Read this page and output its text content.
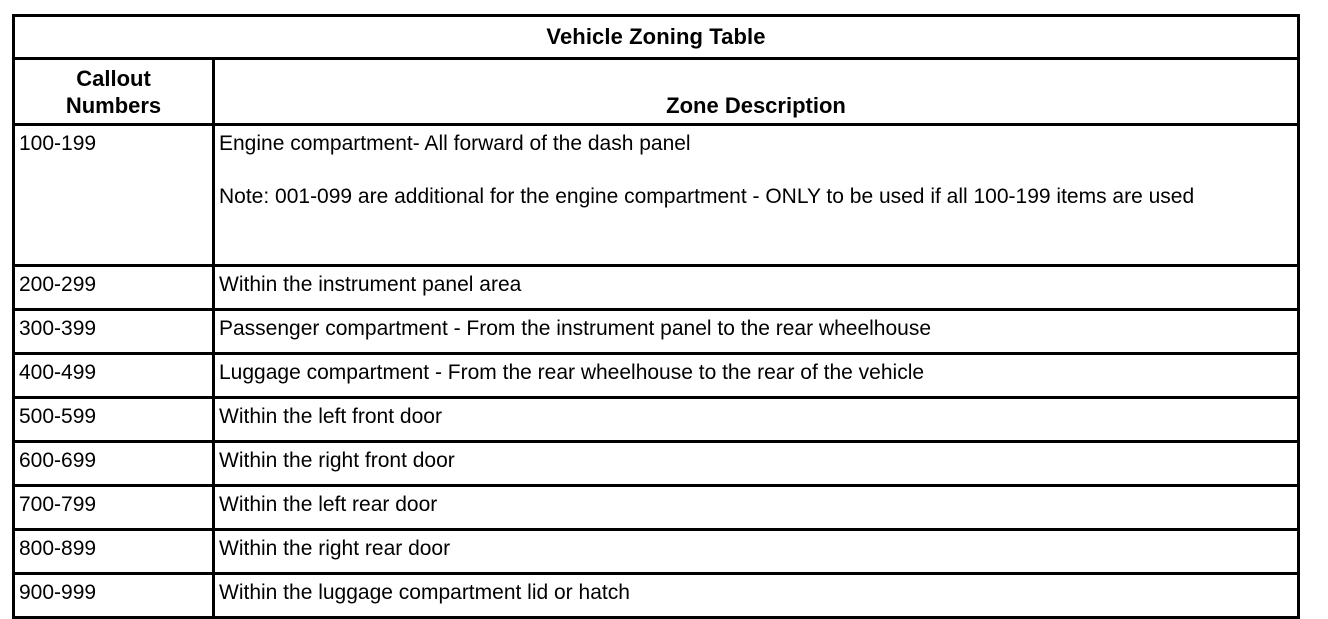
Vehicle Zoning Table	

Callout
Numbers	Zone Description

100-199	Engine compartment- All forward of the dash panel
Note: 001-099 are additional for the engine compartment - ONLY to be used if all 100-199 items are used

200-299	Within the instrument panel area
300-399	Passenger compartment - From the instrument panel to the rear wheelhouse
400-499	Luggage compartment - From the rear wheelhouse to the rear of the vehicle
500-599	Within the left front door
600-699	Within the right front door
700-799	Within the left rear door
800-899	Within the right rear door
900-999	Within the luggage compartment lid or hatch
